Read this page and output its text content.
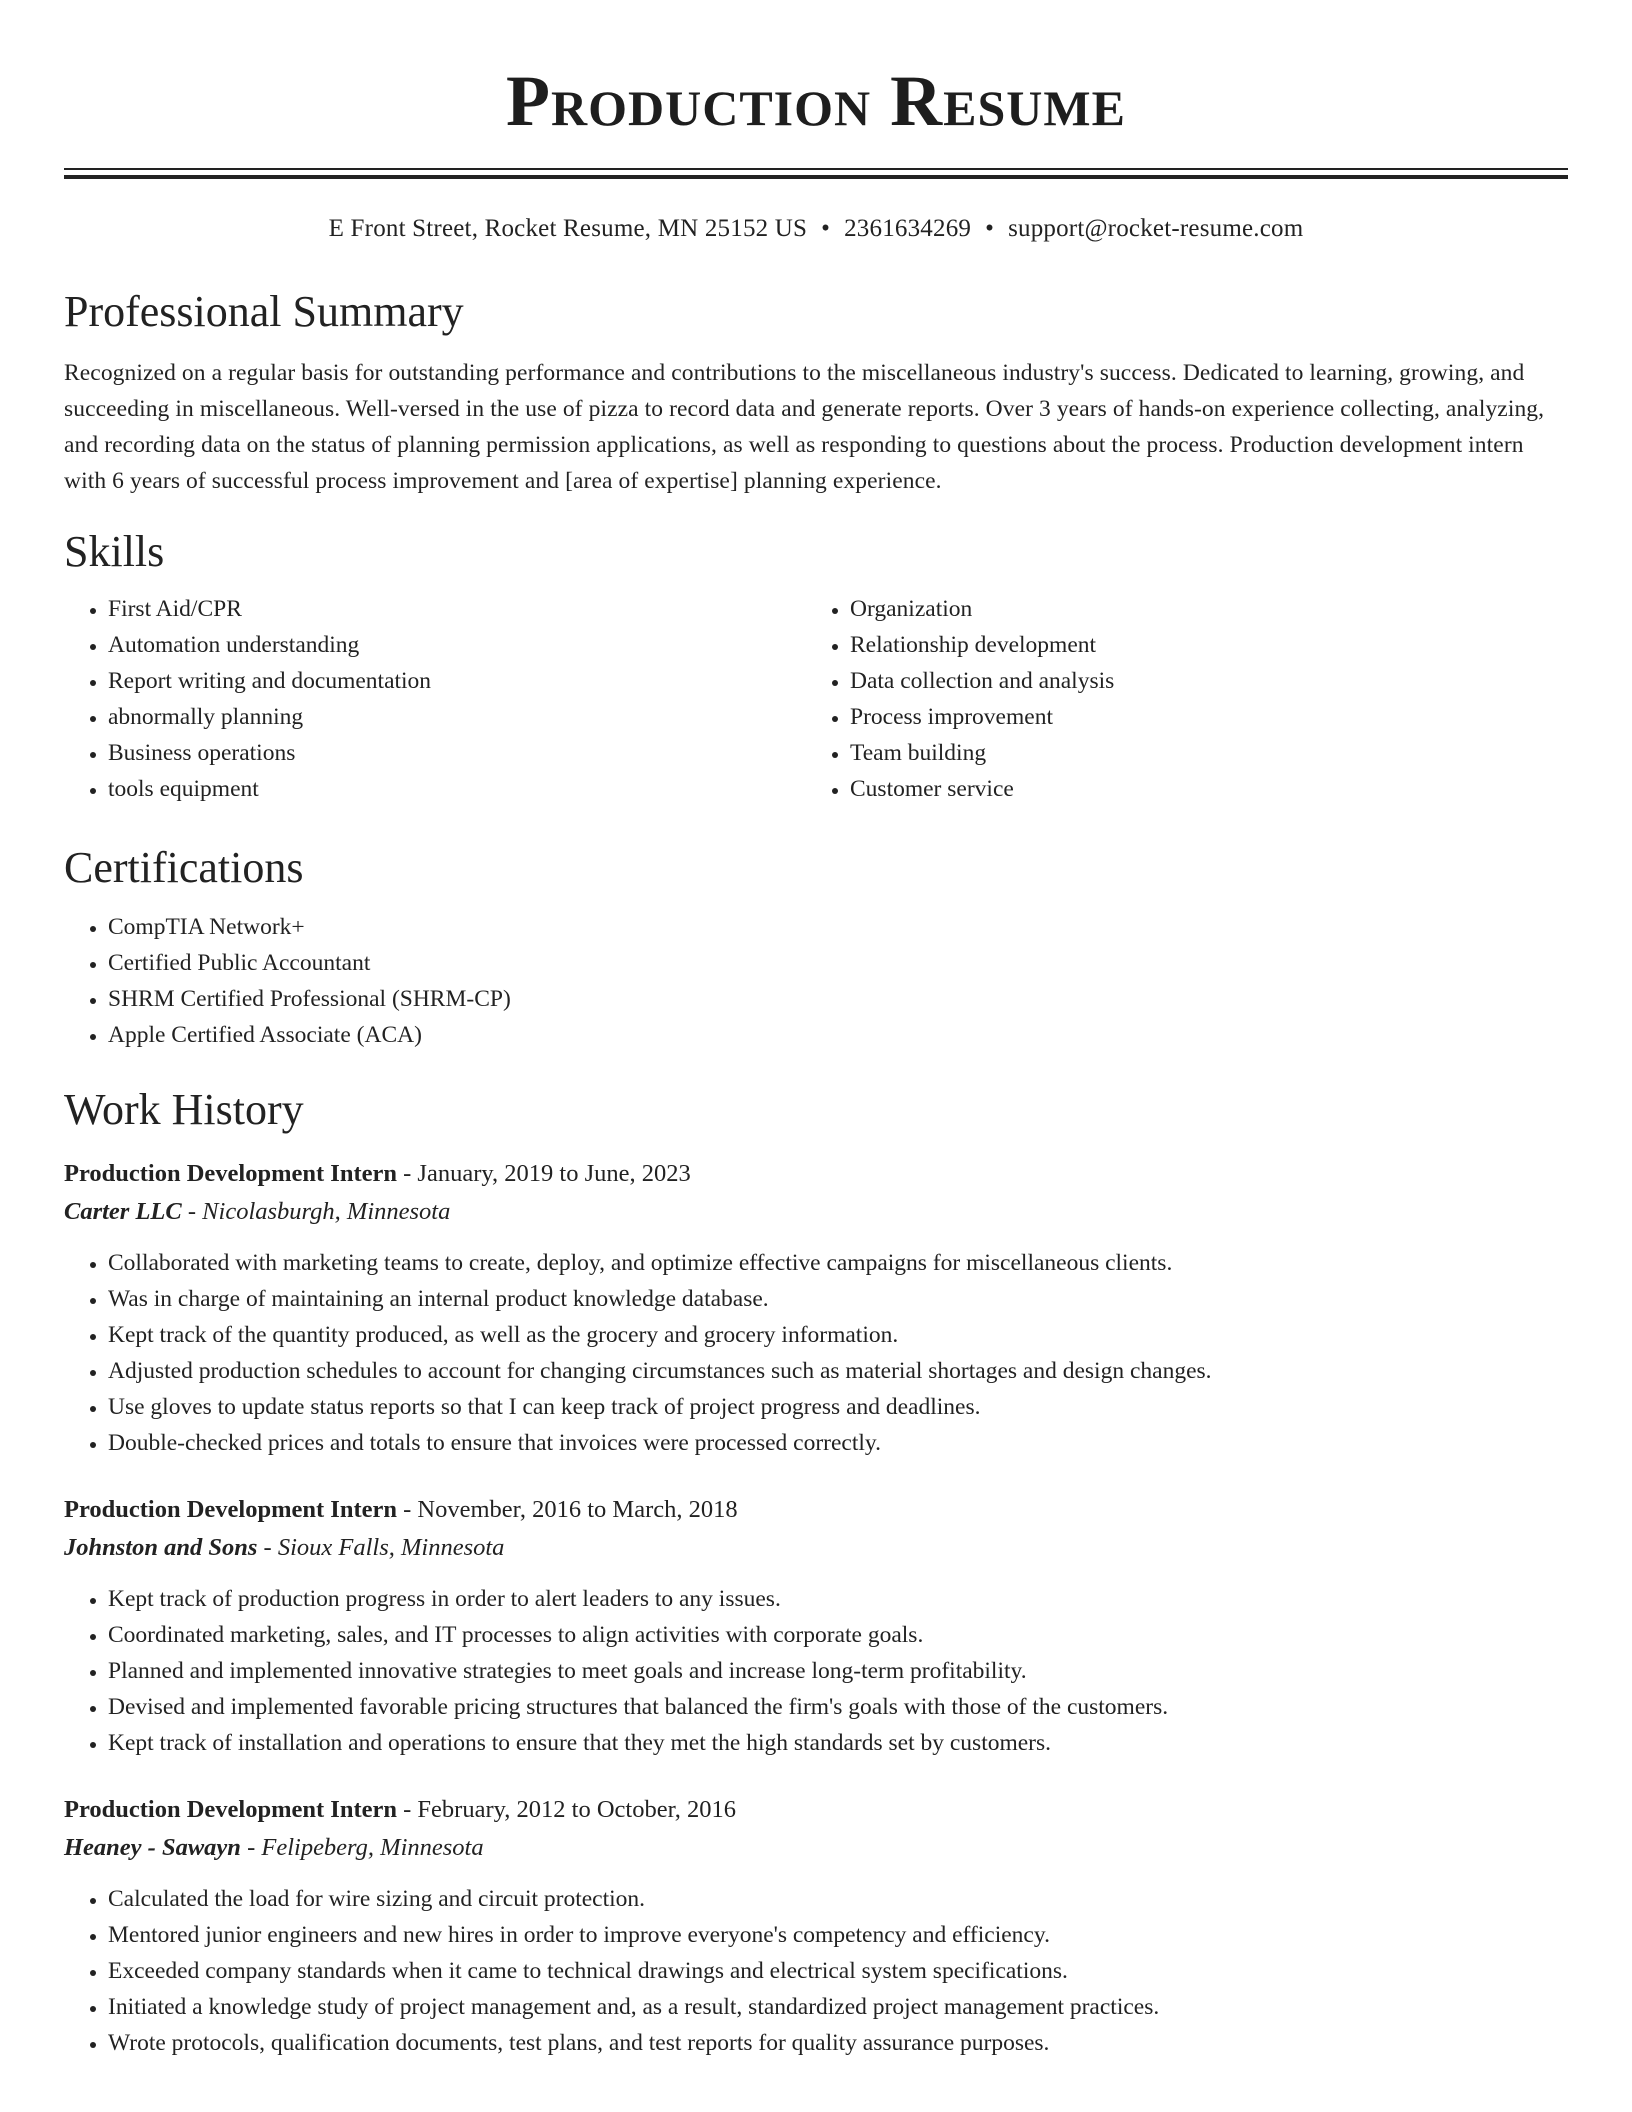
Production Resume
E Front Street, Rocket Resume, MN 25152 US • 2361634269 • support@rocket-resume.com
Professional Summary

Recognized on a regular basis for outstanding performance and contributions to the miscellaneous industry's success. Dedicated to learning, growing, and succeeding in miscellaneous. Well-versed in the use of pizza to record data and generate reports. Over 3 years of hands-on experience collecting, analyzing, and recording data on the status of planning permission applications, as well as responding to questions about the process. Production development intern with 6 years of successful process improvement and [area of expertise] planning experience.

Skills
• First Aid/CPR
• Automation understanding
• Report writing and documentation
• abnormally planning
• Business operations
• tools equipment
• Organization
• Relationship development
• Data collection and analysis
• Process improvement
• Team building
• Customer service
Certifications
• CompTIA Network+
• Certified Public Accountant
• SHRM Certified Professional (SHRM-CP)
• Apple Certified Associate (ACA)
Work History
Production Development Intern - January, 2019 to June, 2023
Carter LLC - Nicolasburgh, Minnesota
• Collaborated with marketing teams to create, deploy, and optimize effective campaigns for miscellaneous clients.
• Was in charge of maintaining an internal product knowledge database.
• Kept track of the quantity produced, as well as the grocery and grocery information.
• Adjusted production schedules to account for changing circumstances such as material shortages and design changes.
• Use gloves to update status reports so that I can keep track of project progress and deadlines.
• Double-checked prices and totals to ensure that invoices were processed correctly.
Production Development Intern - November, 2016 to March, 2018
Johnston and Sons - Sioux Falls, Minnesota
• Kept track of production progress in order to alert leaders to any issues.
• Coordinated marketing, sales, and IT processes to align activities with corporate goals.
• Planned and implemented innovative strategies to meet goals and increase long-term profitability.
• Devised and implemented favorable pricing structures that balanced the firm's goals with those of the customers.
• Kept track of installation and operations to ensure that they met the high standards set by customers.
Production Development Intern - February, 2012 to October, 2016
Heaney - Sawayn - Felipeberg, Minnesota
• Calculated the load for wire sizing and circuit protection.
• Mentored junior engineers and new hires in order to improve everyone's competency and efficiency.
• Exceeded company standards when it came to technical drawings and electrical system specifications.
• Initiated a knowledge study of project management and, as a result, standardized project management practices.
• Wrote protocols, qualification documents, test plans, and test reports for quality assurance purposes.
